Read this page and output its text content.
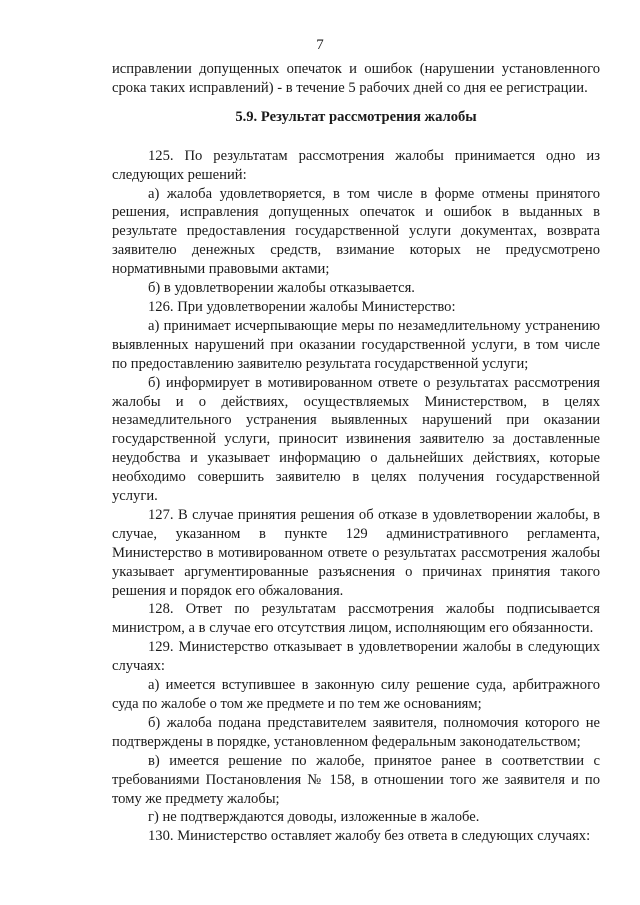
7

исправлении допущенных опечаток и ошибок (нарушении установленного срока таких исправлений) - в течение 5 рабочих дней со дня ее регистрации.

5.9. Результат рассмотрения жалобы

125. По результатам рассмотрения жалобы принимается одно из следующих решений:

а) жалоба удовлетворяется, в том числе в форме отмены принятого решения, исправления допущенных опечаток и ошибок в выданных в результате предоставления государственной услуги документах, возврата заявителю денежных средств, взимание которых не предусмотрено нормативными правовыми актами;

б) в удовлетворении жалобы отказывается.

126. При удовлетворении жалобы Министерство:

а) принимает исчерпывающие меры по незамедлительному устранению выявленных нарушений при оказании государственной услуги, в том числе по предоставлению заявителю результата государственной услуги;

б) информирует в мотивированном ответе о результатах рассмотрения жалобы и о действиях, осуществляемых Министерством, в целях незамедлительного устранения выявленных нарушений при оказании государственной услуги, приносит извинения заявителю за доставленные неудобства и указывает информацию о дальнейших действиях, которые необходимо совершить заявителю в целях получения государственной услуги.

127. В случае принятия решения об отказе в удовлетворении жалобы, в случае, указанном в пункте 129 административного регламента, Министерство в мотивированном ответе о результатах рассмотрения жалобы указывает аргументированные разъяснения о причинах принятия такого решения и порядок его обжалования.

128. Ответ по результатам рассмотрения жалобы подписывается министром, а в случае его отсутствия лицом, исполняющим его обязанности.

129. Министерство отказывает в удовлетворении жалобы в следующих случаях:

а) имеется вступившее в законную силу решение суда, арбитражного суда по жалобе о том же предмете и по тем же основаниям;

б) жалоба подана представителем заявителя, полномочия которого не подтверждены в порядке, установленном федеральным законодательством;

в) имеется решение по жалобе, принятое ранее в соответствии с требованиями Постановления № 158, в отношении того же заявителя и по тому же предмету жалобы;

г) не подтверждаются доводы, изложенные в жалобе.

130. Министерство оставляет жалобу без ответа в следующих случаях:
